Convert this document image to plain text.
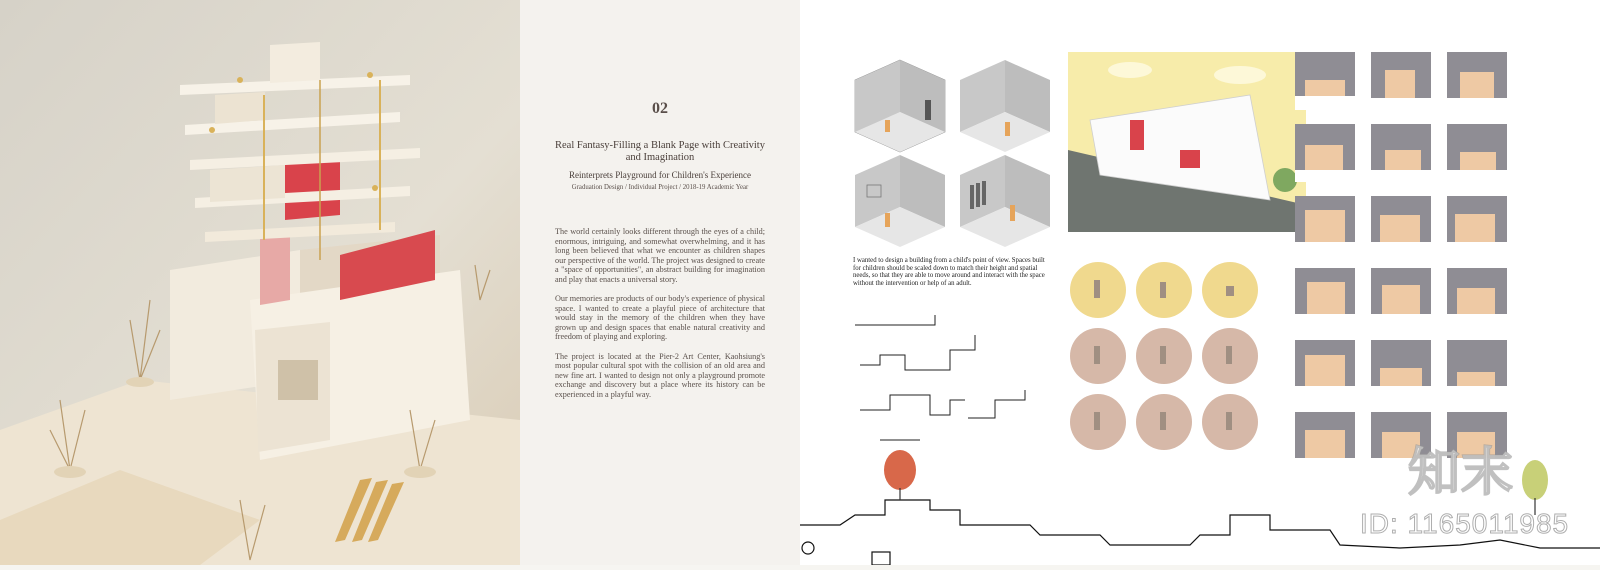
02
Real Fantasy-Filling a Blank Page with Creativity and Imagination
Reinterprets Playground for Children's Experience
Graduation Design / Individual Project / 2018-19 Academic Year

The world certainly looks different through the eyes of a child; enormous, intriguing, and somewhat overwhelming, and it has long been believed that what we encounter as children shapes our perspective of the world. The project was designed to create a "space of opportunities", an abstract building for imagination and play that enacts a universal story.

Our memories are products of our body's experience of physical space. I wanted to create a playful piece of architecture that would stay in the memory of the children when they have grown up and design spaces that enable natural creativity and freedom of playing and exploring.

The project is located at the Pier-2 Art Center, Kaohsiung's most popular cultural spot with the collision of an old area and new fine art. I wanted to design not only a playground promote exchange and discovery but a place where its history can be experienced in a playful way.

I wanted to design a building from a child's point of view. Spaces built for children should be scaled down to match their height and spatial needs, so that they are able to move around and interact with the space without the intervention or help of an adult.
知末
ID: 1165011985
